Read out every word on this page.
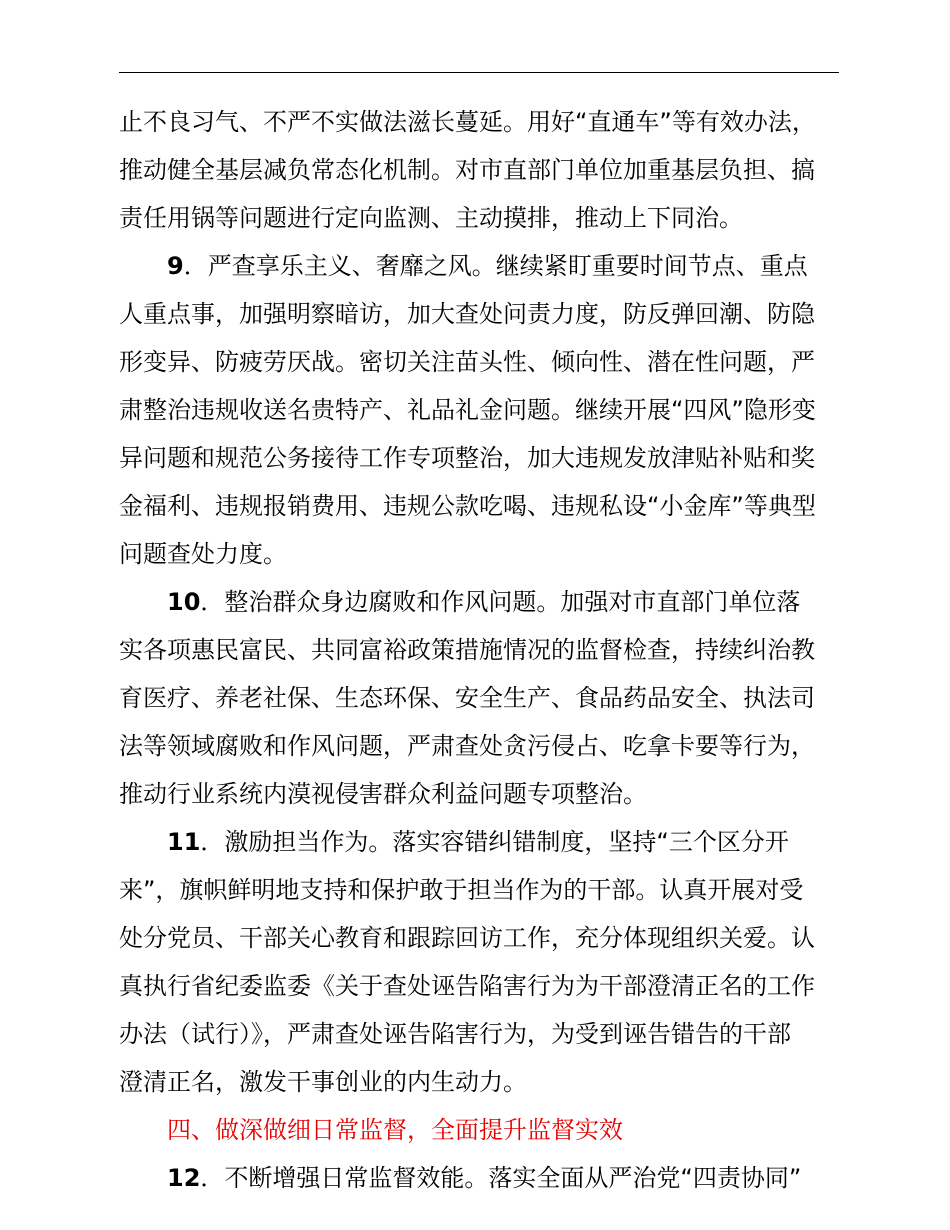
止不良习气、不严不实做法滋长蔓延。用好“直通车”等有效办法，
推动健全基层减负常态化机制。对市直部门单位加重基层负担、搞
责任用锅等问题进行定向监测、主动摸排，推动上下同治。
9．严查享乐主义、奢靡之风。继续紧盯重要时间节点、重点
人重点事，加强明察暗访，加大查处问责力度，防反弹回潮、防隐
形变异、防疲劳厌战。密切关注苗头性、倾向性、潜在性问题，严
肃整治违规收送名贵特产、礼品礼金问题。继续开展“四风”隐形变
异问题和规范公务接待工作专项整治，加大违规发放津贴补贴和奖
金福利、违规报销费用、违规公款吃喝、违规私设“小金库”等典型
问题查处力度。
10．整治群众身边腐败和作风问题。加强对市直部门单位落
实各项惠民富民、共同富裕政策措施情况的监督检查，持续纠治教
育医疗、养老社保、生态环保、安全生产、食品药品安全、执法司
法等领域腐败和作风问题，严肃查处贪污侵占、吃拿卡要等行为，
推动行业系统内漠视侵害群众利益问题专项整治。
11．激励担当作为。落实容错纠错制度，坚持“三个区分开
来”，旗帜鲜明地支持和保护敢于担当作为的干部。认真开展对受
处分党员、干部关心教育和跟踪回访工作，充分体现组织关爱。认
真执行省纪委监委《关于查处诬告陷害行为为干部澄清正名的工作
办法（试行）》，严肃查处诬告陷害行为，为受到诬告错告的干部
澄清正名，激发干事创业的内生动力。
四、做深做细日常监督，全面提升监督实效
12．不断增强日常监督效能。落实全面从严治党“四责协同”
